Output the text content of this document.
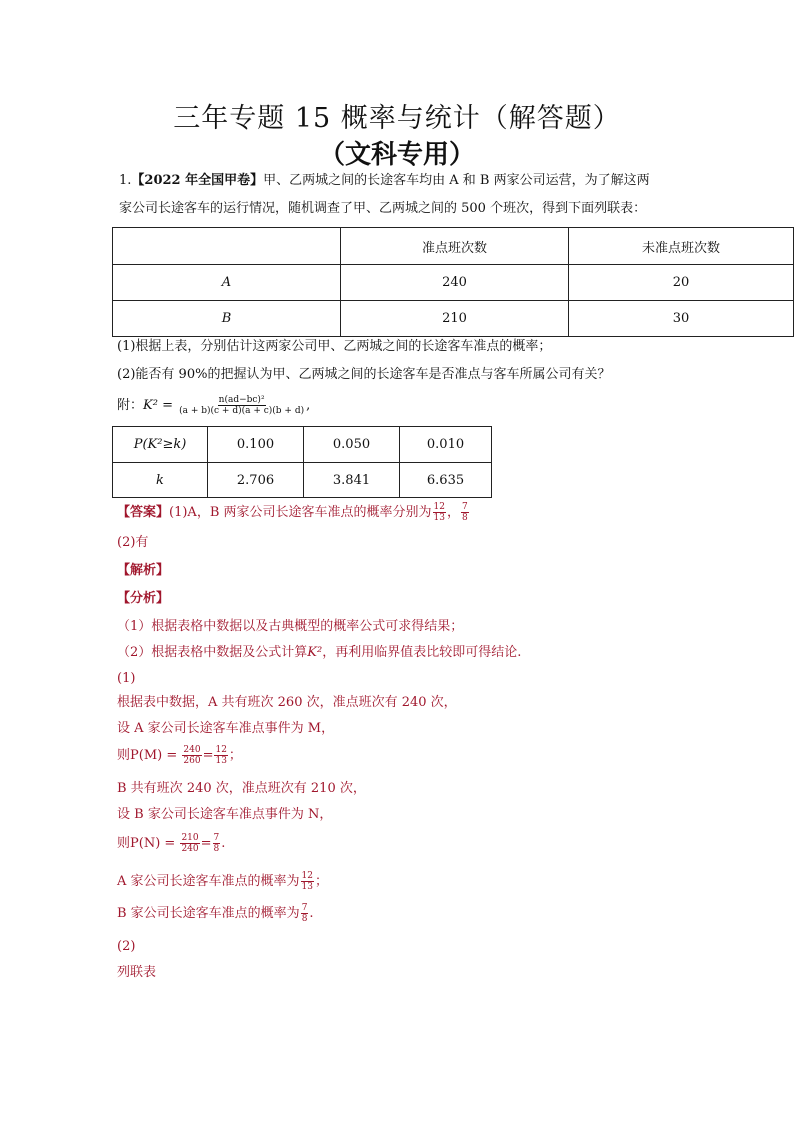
三年专题 15 概率与统计（解答题）
（文科专用）
1.【2022 年全国甲卷】甲、乙两城之间的长途客车均由 A 和 B 两家公司运营，为了解这两
家公司长途客车的运行情况，随机调查了甲、乙两城之间的 500 个班次，得到下面列联表：
	准点班次数	未准点班次数
A	240	20
B	210	30
(1)根据上表，分别估计这两家公司甲、乙两城之间的长途客车准点的概率；
(2)能否有 90%的把握认为甲、乙两城之间的长途客车是否准点与客车所属公司有关？
附：$K^2 = \frac{\text{n(ad−bc)²}}{(a + b)(c + d)(a + c)(b + d)}$ ,
P(K²≥k)	0.100	0.050	0.010
k	2.706	3.841	6.635
【答案】(1)A，B 两家公司长途客车准点的概率分别为 $\frac{12}{13}$ ， $\frac{7}{8}$
(2)有
【解析】
【分析】
（1）根据表格中数据以及古典概型的概率公式可求得结果；
（2）根据表格中数据及公式计算K²，再利用临界值表比较即可得结论.
(1)
根据表中数据，A 共有班次 260 次，准点班次有 240 次，
设 A 家公司长途客车准点事件为 M，
则$P(M) = \frac{240}{260} = \frac{12}{13}$ ；
B 共有班次 240 次，准点班次有 210 次，
设 B 家公司长途客车准点事件为 N，
则$P(N) = \frac{210}{240} = \frac{7}{8}$ .
A 家公司长途客车准点的概率为 $\frac{12}{13}$ ；
B 家公司长途客车准点的概率为 $\frac{7}{8}$ .
(2)
列联表
